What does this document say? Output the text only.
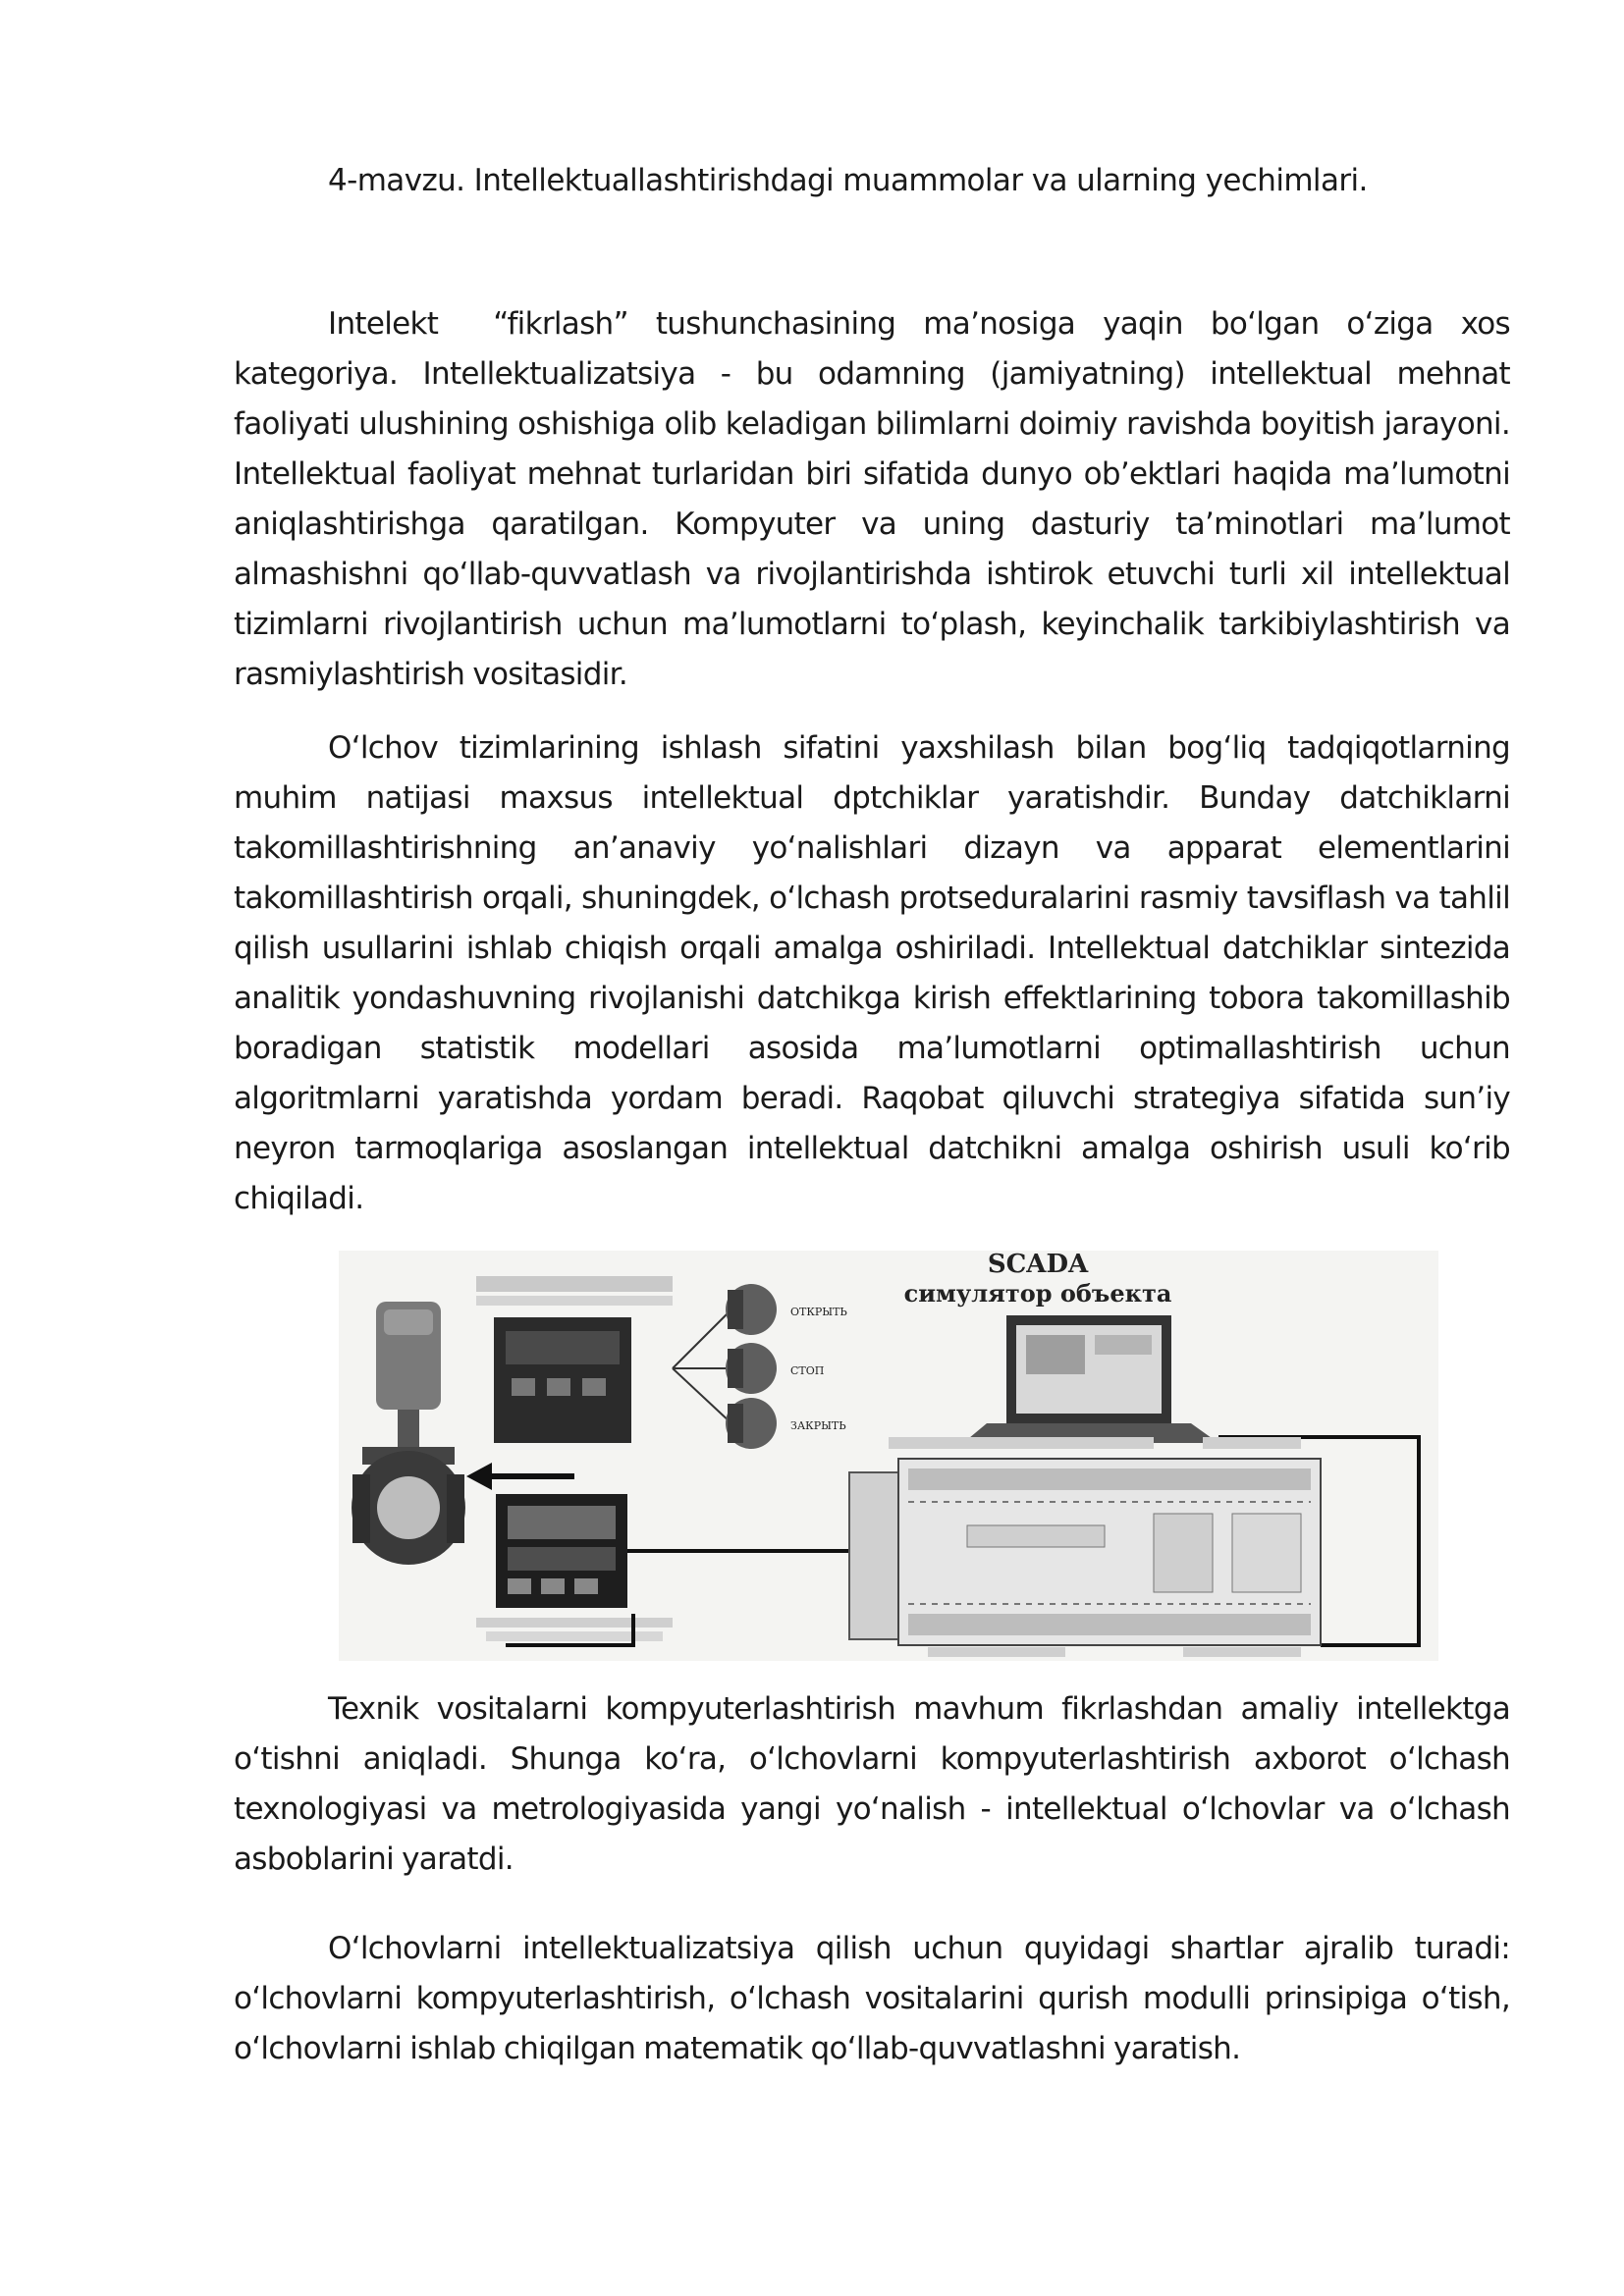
4-mavzu. Intellektuallashtirishdagi muammolar va ularning yechimlari.

Intelekt  “fikrlash” tushunchasining ma’nosiga yaqin bo‘lgan o‘ziga xos kategoriya. Intellektualizatsiya - bu odamning (jamiyatning) intellektual mehnat faoliyati ulushining oshishiga olib keladigan bilimlarni doimiy ravishda boyitish jarayoni. Intellektual faoliyat mehnat turlaridan biri sifatida dunyo ob’ektlari haqida ma’lumotni aniqlashtirishga qaratilgan. Kompyuter va uning dasturiy ta’minotlari ma’lumot almashishni qo‘llab-quvvatlash va rivojlantirishda ishtirok etuvchi turli xil intellektual tizimlarni rivojlantirish uchun ma’lumotlarni to‘plash, keyinchalik tarkibiylashtirish va rasmiylashtirish vositasidir.

O‘lchov tizimlarining ishlash sifatini yaxshilash bilan bog‘liq tadqiqotlarning muhim natijasi maxsus intellektual dptchiklar yaratishdir. Bunday datchiklarni takomillashtirishning an’anaviy yo‘nalishlari dizayn va apparat elementlarini takomillashtirish orqali, shuningdek, o‘lchash protseduralarini rasmiy tavsiflash va tahlil qilish usullarini ishlab chiqish orqali amalga oshiriladi. Intellektual datchiklar sintezida analitik yondashuvning rivojlanishi datchikga kirish effektlarining tobora takomillashib boradigan statistik modellari asosida ma’lumotlarni optimallashtirish uchun algoritmlarni yaratishda yordam beradi. Raqobat qiluvchi strategiya sifatida sun’iy neyron tarmoqlariga asoslangan intellektual datchikni amalga oshirish usuli ko‘rib chiqiladi.

ОТКРЫТЬ
СТОП
ЗАКРЫТЬ
SCADA
симулятор объекта

Texnik vositalarni kompyuterlashtirish mavhum fikrlashdan amaliy intellektga o‘tishni aniqladi. Shunga ko‘ra, o‘lchovlarni kompyuterlashtirish axborot o‘lchash texnologiyasi va metrologiyasida yangi yo‘nalish - intellektual o‘lchovlar va o‘lchash asboblarini yaratdi.

O‘lchovlarni intellektualizatsiya qilish uchun quyidagi shartlar ajralib turadi: o‘lchovlarni kompyuterlashtirish, o‘lchash vositalarini qurish modulli prinsipiga o‘tish, o‘lchovlarni ishlab chiqilgan matematik qo‘llab-quvvatlashni yaratish.
